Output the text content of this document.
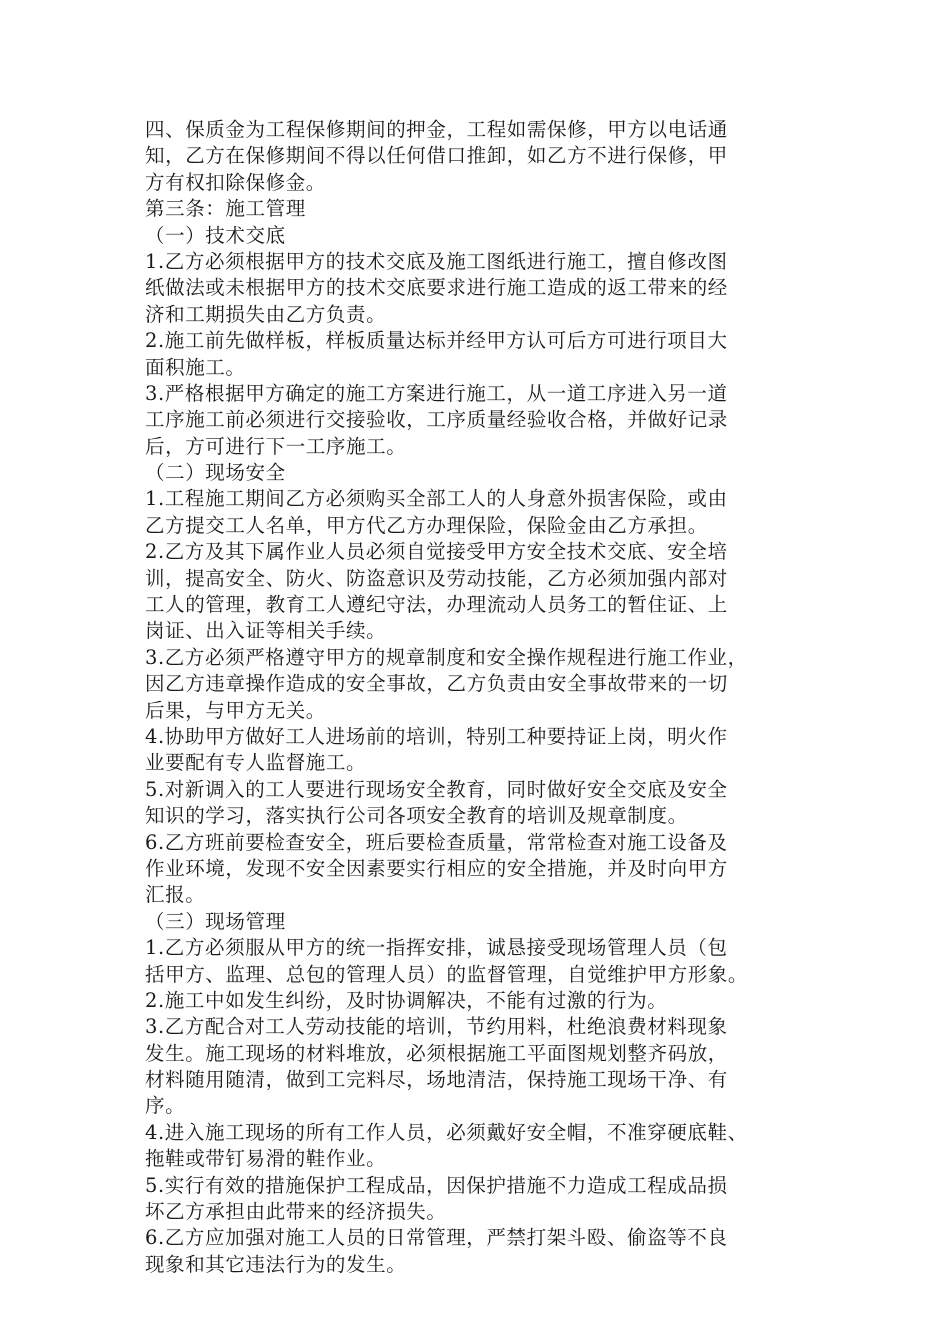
四、保质金为工程保修期间的押金，工程如需保修，甲方以电话通
知，乙方在保修期间不得以任何借口推卸，如乙方不进行保修，甲
方有权扣除保修金。
第三条：施工管理
（一）技术交底
1.乙方必须根据甲方的技术交底及施工图纸进行施工，擅自修改图
纸做法或未根据甲方的技术交底要求进行施工造成的返工带来的经
济和工期损失由乙方负责。
2.施工前先做样板，样板质量达标并经甲方认可后方可进行项目大
面积施工。
3.严格根据甲方确定的施工方案进行施工，从一道工序进入另一道
工序施工前必须进行交接验收，工序质量经验收合格，并做好记录
后，方可进行下一工序施工。
（二）现场安全
1.工程施工期间乙方必须购买全部工人的人身意外损害保险，或由
乙方提交工人名单，甲方代乙方办理保险，保险金由乙方承担。
2.乙方及其下属作业人员必须自觉接受甲方安全技术交底、安全培
训，提高安全、防火、防盗意识及劳动技能，乙方必须加强内部对
工人的管理，教育工人遵纪守法，办理流动人员务工的暂住证、上
岗证、出入证等相关手续。
3.乙方必须严格遵守甲方的规章制度和安全操作规程进行施工作业，
因乙方违章操作造成的安全事故，乙方负责由安全事故带来的一切
后果，与甲方无关。
4.协助甲方做好工人进场前的培训，特别工种要持证上岗，明火作
业要配有专人监督施工。
5.对新调入的工人要进行现场安全教育，同时做好安全交底及安全
知识的学习，落实执行公司各项安全教育的培训及规章制度。
6.乙方班前要检查安全，班后要检查质量，常常检查对施工设备及
作业环境，发现不安全因素要实行相应的安全措施，并及时向甲方
汇报。
（三）现场管理
1.乙方必须服从甲方的统一指挥安排，诚恳接受现场管理人员（包
括甲方、监理、总包的管理人员）的监督管理，自觉维护甲方形象。
2.施工中如发生纠纷，及时协调解决，不能有过激的行为。
3.乙方配合对工人劳动技能的培训，节约用料，杜绝浪费材料现象
发生。施工现场的材料堆放，必须根据施工平面图规划整齐码放，
材料随用随清，做到工完料尽，场地清洁，保持施工现场干净、有
序。
4.进入施工现场的所有工作人员，必须戴好安全帽，不准穿硬底鞋、
拖鞋或带钉易滑的鞋作业。
5.实行有效的措施保护工程成品，因保护措施不力造成工程成品损
坏乙方承担由此带来的经济损失。
6.乙方应加强对施工人员的日常管理，严禁打架斗殴、偷盗等不良
现象和其它违法行为的发生。
